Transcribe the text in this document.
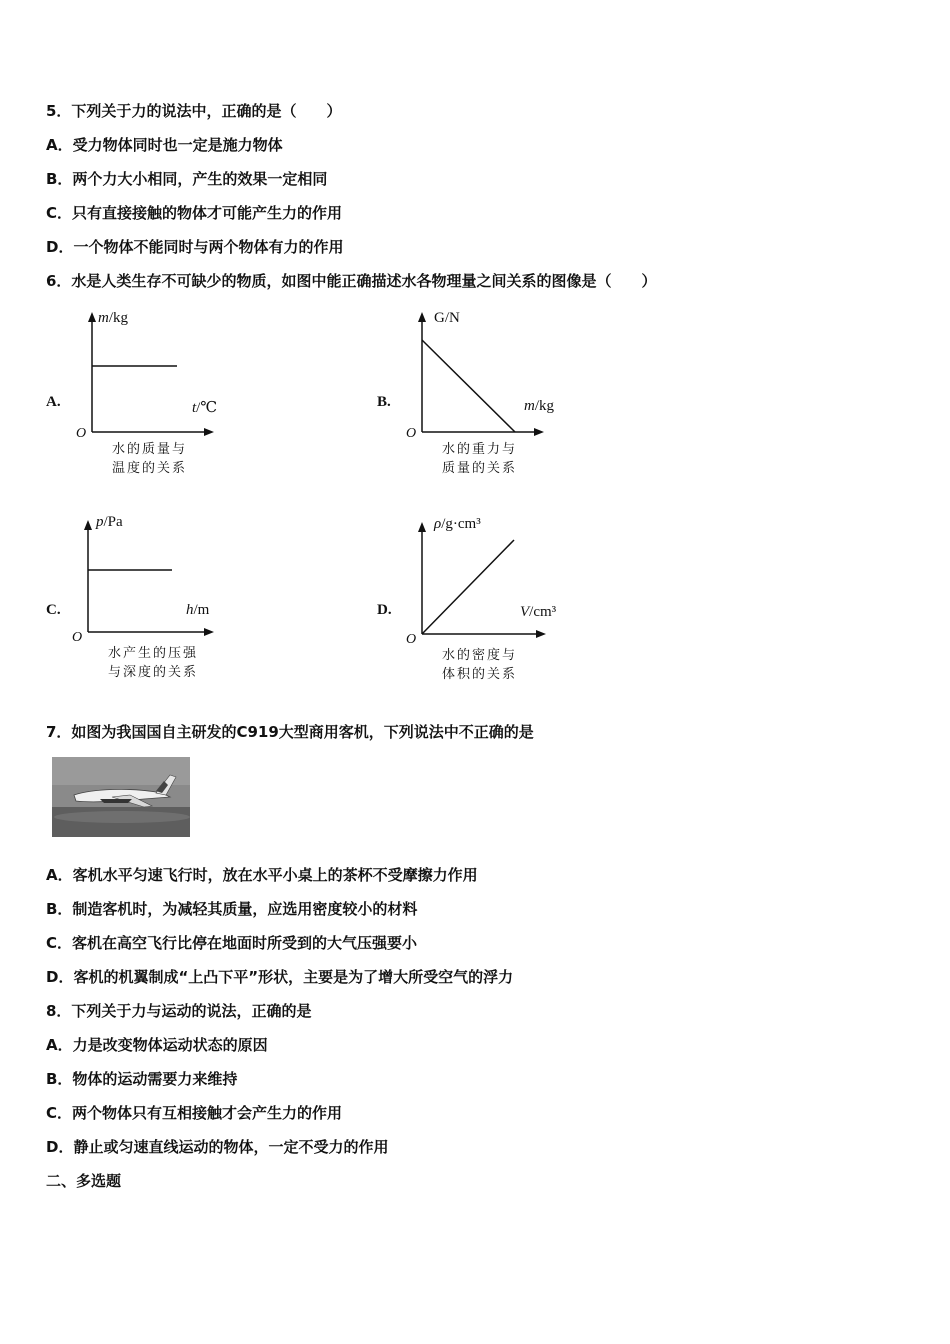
5．下列关于力的说法中，正确的是（　　）
A．受力物体同时也一定是施力物体
B．两个力大小相同，产生的效果一定相同
C．只有直接接触的物体才可能产生力的作用
D．一个物体不能同时与两个物体有力的作用
6．水是人类生存不可缺少的物质，如图中能正确描述水各物理量之间关系的图像是（　　）
A.
m/kg
t/℃
O
水的质量与
温度的关系
B.
G/N
m/kg
O
水的重力与
质量的关系
C.
p/Pa
h/m
O
水产生的压强
与深度的关系
D.
ρ/g·cm³
V/cm³
O
水的密度与
体积的关系
7．如图为我国国自主研发的C919大型商用客机，下列说法中不正确的是
A．客机水平匀速飞行时，放在水平小桌上的茶杯不受摩擦力作用
B．制造客机时，为减轻其质量，应选用密度较小的材料
C．客机在高空飞行比停在地面时所受到的大气压强要小
D．客机的机翼制成“上凸下平”形状，主要是为了增大所受空气的浮力
8．下列关于力与运动的说法，正确的是
A．力是改变物体运动状态的原因
B．物体的运动需要力来维持
C．两个物体只有互相接触才会产生力的作用
D．静止或匀速直线运动的物体，一定不受力的作用
二、多选题
